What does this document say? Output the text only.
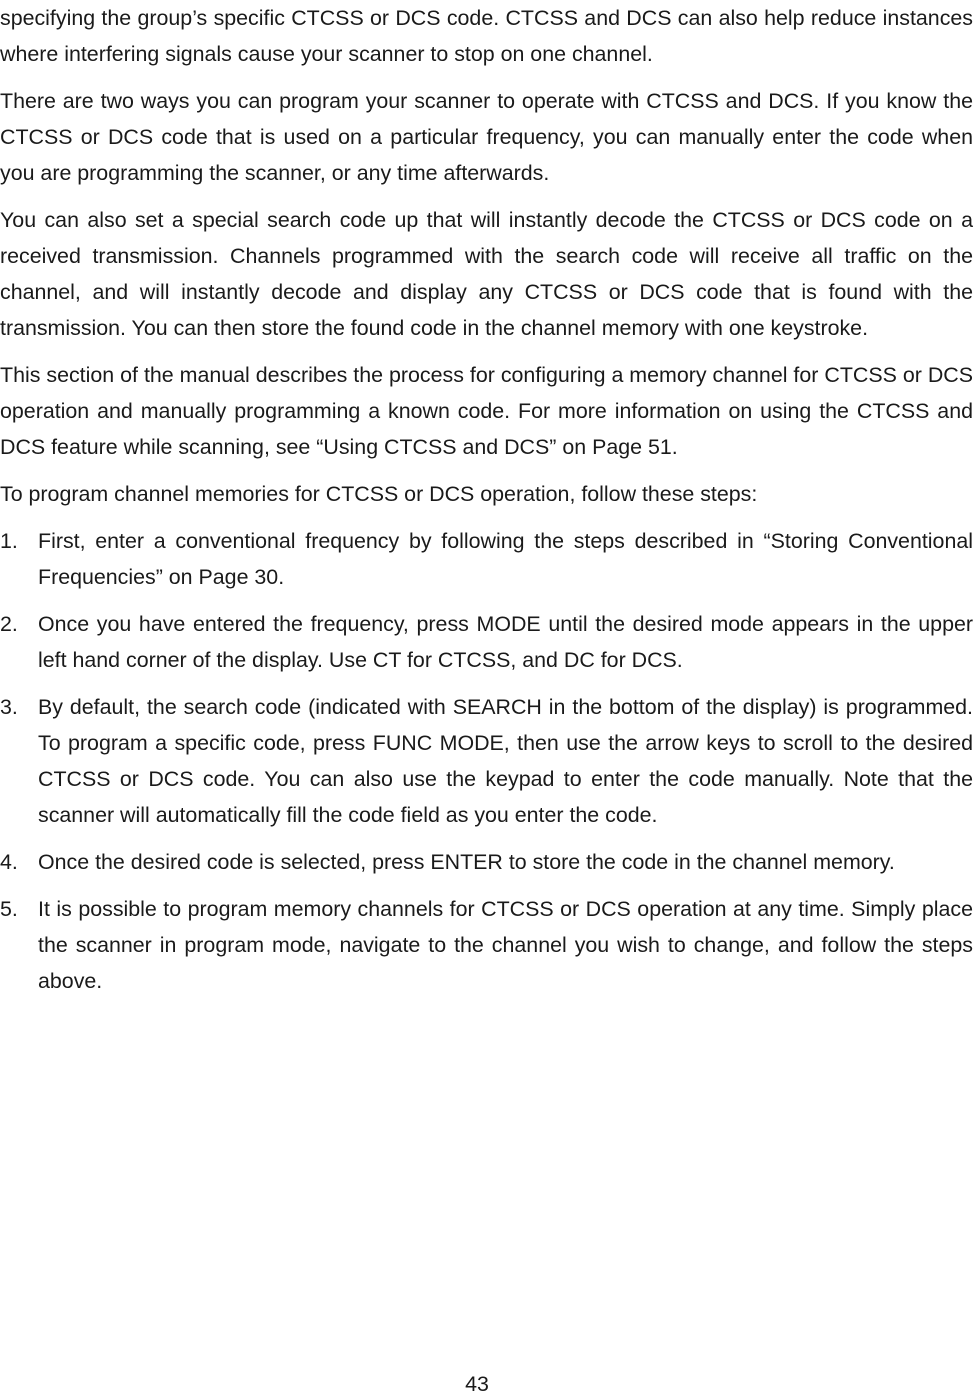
specifying the group’s specific CTCSS or DCS code. CTCSS and DCS can also help reduce instances where interfering signals cause your scanner to stop on one channel.

There are two ways you can program your scanner to operate with CTCSS and DCS. If you know the CTCSS or DCS code that is used on a particular frequency, you can manually enter the code when you are programming the scanner, or any time afterwards.

You can also set a special search code up that will instantly decode the CTCSS or DCS code on a received transmission. Channels programmed with the search code will receive all traffic on the channel, and will instantly decode and display any CTCSS or DCS code that is found with the transmission. You can then store the found code in the channel memory with one keystroke.

This section of the manual describes the process for configuring a memory channel for CTCSS or DCS operation and manually programming a known code. For more information on using the CTCSS and DCS feature while scanning, see “Using CTCSS and DCS” on Page 51.

To program channel memories for CTCSS or DCS operation, follow these steps:

1. First, enter a conventional frequency by following the steps described in “Storing Conventional Frequencies” on Page 30.

2. Once you have entered the frequency, press MODE until the desired mode appears in the upper left hand corner of the display. Use CT for CTCSS, and DC for DCS.

3. By default, the search code (indicated with SEARCH in the bottom of the display) is programmed. To program a specific code, press FUNC MODE, then use the arrow keys to scroll to the desired CTCSS or DCS code. You can also use the keypad to enter the code manually. Note that the scanner will automatically fill the code field as you enter the code.

4. Once the desired code is selected, press ENTER to store the code in the channel memory.

5. It is possible to program memory channels for CTCSS or DCS operation at any time. Simply place the scanner in program mode, navigate to the channel you wish to change, and follow the steps above.

43
